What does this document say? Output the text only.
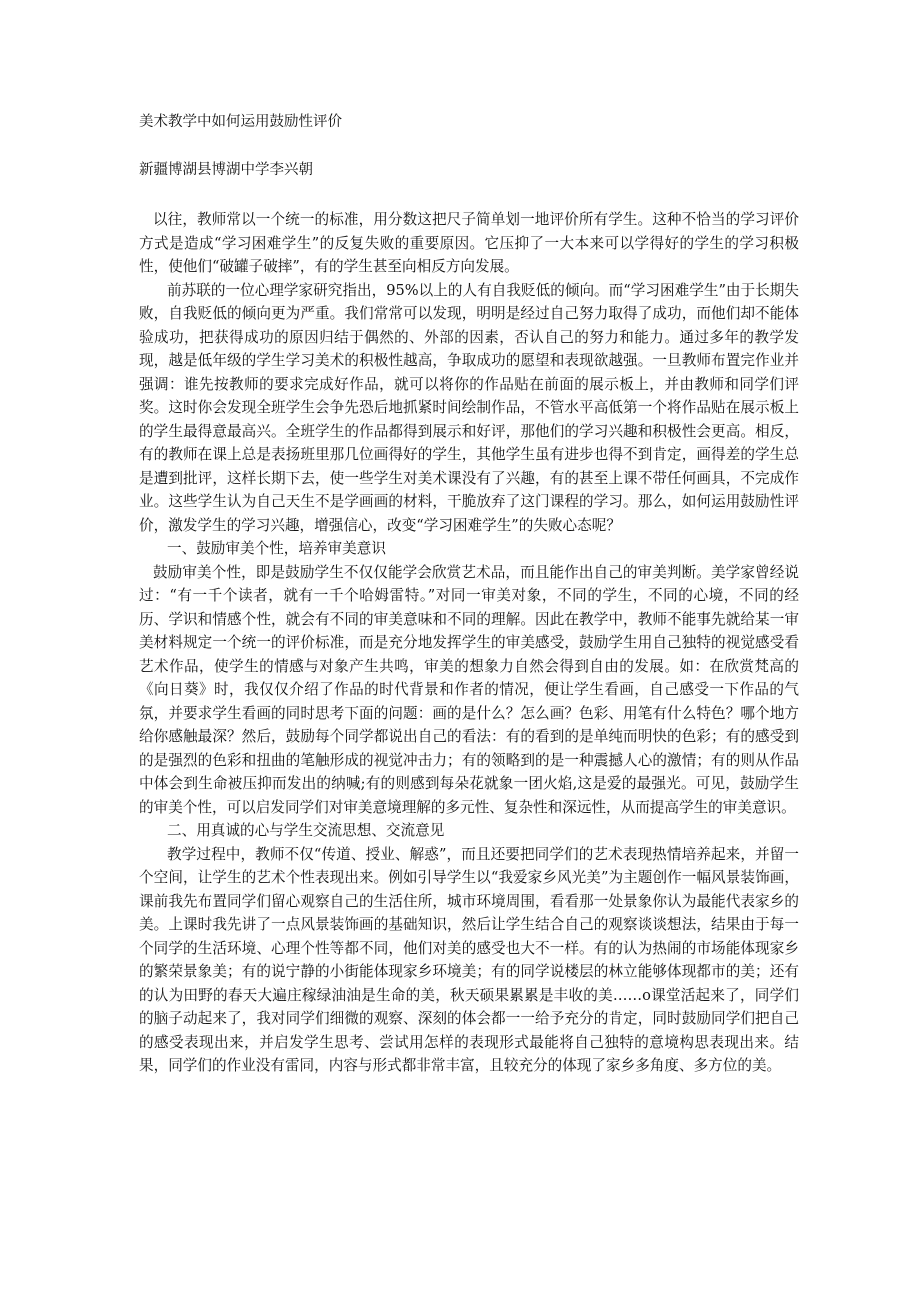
美术教学中如何运用鼓励性评价
新疆博湖县博湖中学李兴朝

以往，教师常以一个统一的标准，用分数这把尺子简单划一地评价所有学生。这种不恰当的学习评价方式是造成“学习困难学生”的反复失败的重要原因。它压抑了一大本来可以学得好的学生的学习积极性，使他们“破罐子破摔”，有的学生甚至向相反方向发展。

前苏联的一位心理学家研究指出，95%以上的人有自我贬低的倾向。而“学习困难学生”由于长期失败，自我贬低的倾向更为严重。我们常常可以发现，明明是经过自己努力取得了成功，而他们却不能体验成功，把获得成功的原因归结于偶然的、外部的因素，否认自己的努力和能力。通过多年的教学发现，越是低年级的学生学习美术的积极性越高，争取成功的愿望和表现欲越强。一旦教师布置完作业并强调：谁先按教师的要求完成好作品，就可以将你的作品贴在前面的展示板上，并由教师和同学们评奖。这时你会发现全班学生会争先恐后地抓紧时间绘制作品，不管水平高低第一个将作品贴在展示板上的学生最得意最高兴。全班学生的作品都得到展示和好评，那他们的学习兴趣和积极性会更高。相反，有的教师在课上总是表扬班里那几位画得好的学生，其他学生虽有进步也得不到肯定，画得差的学生总是遭到批评，这样长期下去，使一些学生对美术课没有了兴趣，有的甚至上课不带任何画具，不完成作业。这些学生认为自己天生不是学画画的材料，干脆放弃了这门课程的学习。那么，如何运用鼓励性评价，激发学生的学习兴趣，增强信心，改变“学习困难学生”的失败心态呢？

一、鼓励审美个性，培养审美意识

鼓励审美个性，即是鼓励学生不仅仅能学会欣赏艺术品，而且能作出自己的审美判断。美学家曾经说过：“有一千个读者，就有一千个哈姆雷特。”对同一审美对象，不同的学生，不同的心境，不同的经历、学识和情感个性，就会有不同的审美意味和不同的理解。因此在教学中，教师不能事先就给某一审美材料规定一个统一的评价标准，而是充分地发挥学生的审美感受，鼓励学生用自己独特的视觉感受看艺术作品，使学生的情感与对象产生共鸣，审美的想象力自然会得到自由的发展。如：在欣赏梵高的《向日葵》时，我仅仅介绍了作品的时代背景和作者的情况，便让学生看画，自己感受一下作品的气氛，并要求学生看画的同时思考下面的问题：画的是什么？怎么画？色彩、用笔有什么特色？哪个地方给你感触最深？然后，鼓励每个同学都说出自己的看法：有的看到的是单纯而明快的色彩；有的感受到的是强烈的色彩和扭曲的笔触形成的视觉冲击力；有的领略到的是一种震撼人心的激情；有的则从作品中体会到生命被压抑而发出的纳喊;有的则感到每朵花就象一团火焰,这是爱的最强光。可见，鼓励学生的审美个性，可以启发同学们对审美意境理解的多元性、复杂性和深远性，从而提高学生的审美意识。

二、用真诚的心与学生交流思想、交流意见

教学过程中，教师不仅“传道、授业、解惑”，而且还要把同学们的艺术表现热情培养起来，并留一个空间，让学生的艺术个性表现出来。例如引导学生以“我爱家乡风光美”为主题创作一幅风景装饰画，课前我先布置同学们留心观察自己的生活住所，城市环境周围，看看那一处景象你认为最能代表家乡的美。上课时我先讲了一点风景装饰画的基础知识，然后让学生结合自己的观察谈谈想法，结果由于每一个同学的生活环境、心理个性等都不同，他们对美的感受也大不一样。有的认为热闹的市场能体现家乡的繁荣景象美；有的说宁静的小街能体现家乡环境美；有的同学说楼层的林立能够体现都市的美；还有的认为田野的春天大遍庄稼绿油油是生命的美，秋天硕果累累是丰收的美……o课堂活起来了，同学们的脑子动起来了，我对同学们细微的观察、深刻的体会都一一给予充分的肯定，同时鼓励同学们把自己的感受表现出来，并启发学生思考、尝试用怎样的表现形式最能将自己独特的意境构思表现出来。结果，同学们的作业没有雷同，内容与形式都非常丰富，且较充分的体现了家乡多角度、多方位的美。
